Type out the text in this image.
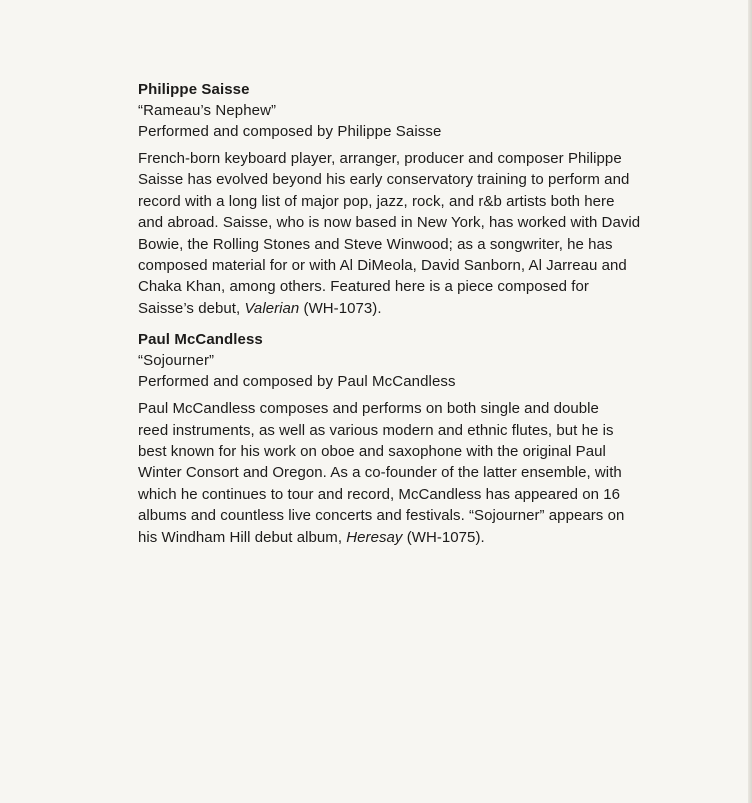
Philippe Saisse
“Rameau’s Nephew”
Performed and composed by Philippe Saisse
French-born keyboard player, arranger, producer and composer Philippe
Saisse has evolved beyond his early conservatory training to perform and
record with a long list of major pop, jazz, rock, and r&b artists both here
and abroad. Saisse, who is now based in New York, has worked with David
Bowie, the Rolling Stones and Steve Winwood; as a songwriter, he has
composed material for or with Al DiMeola, David Sanborn, Al Jarreau and
Chaka Khan, among others. Featured here is a piece composed for
Saisse’s debut, Valerian (WH-1073).
Paul McCandless
“Sojourner”
Performed and composed by Paul McCandless
Paul McCandless composes and performs on both single and double
reed instruments, as well as various modern and ethnic flutes, but he is
best known for his work on oboe and saxophone with the original Paul
Winter Consort and Oregon. As a co-founder of the latter ensemble, with
which he continues to tour and record, McCandless has appeared on 16
albums and countless live concerts and festivals. “Sojourner” appears on
his Windham Hill debut album, Heresay (WH-1075).
